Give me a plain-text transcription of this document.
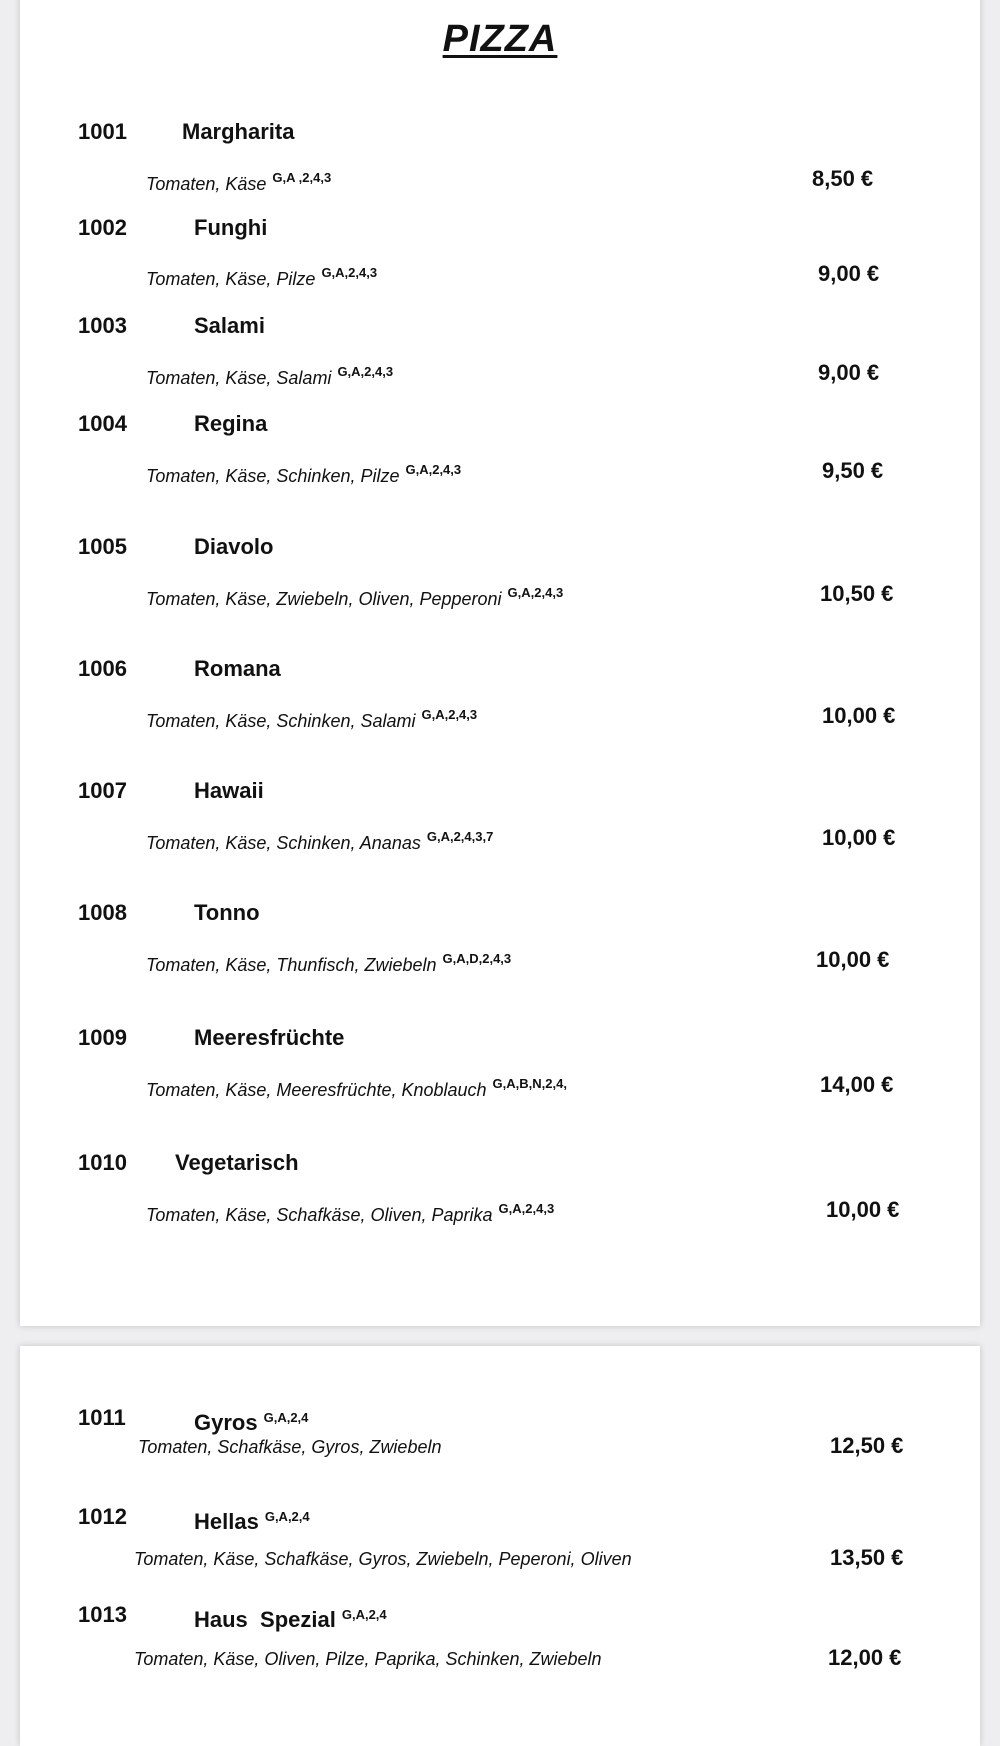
PIZZA
1001	Margharita
Tomaten, Käse $^{G,A ,2,4,3}$	8,50 €
1002	Funghi
Tomaten, Käse, Pilze $^{G,A,2,4,3}$	9,00 €
1003	Salami
Tomaten, Käse, Salami $^{G,A,2,4,3}$	9,00 €
1004	Regina
Tomaten, Käse, Schinken, Pilze $^{G,A,2,4,3}$	9,50 €
1005	Diavolo
Tomaten, Käse, Zwiebeln, Oliven, Pepperoni $^{G,A,2,4,3}$	10,50 €
1006	Romana
Tomaten, Käse, Schinken, Salami $^{G,A,2,4,3}$	10,00 €
1007	Hawaii
Tomaten, Käse, Schinken, Ananas $^{G,A,2,4,3,7}$	10,00 €
1008	Tonno
Tomaten, Käse, Thunfisch, Zwiebeln $^{G,A,D,2,4,3}$	10,00 €
1009	Meeresfrüchte
Tomaten, Käse, Meeresfrüchte, Knoblauch $^{G,A,B,N,2,4,}$	14,00 €
1010 Vegetarisch
Tomaten, Käse, Schafkäse, Oliven, Paprika $^{G,A,2,4,3}$	10,00 €
1011	Gyros $^{G,A,2,4}$
Tomaten, Schafkäse, Gyros, Zwiebeln	12,50 €
1012	Hellas $^{G,A,2,4}$
Tomaten, Käse, Schafkäse, Gyros, Zwiebeln, Peperoni, Oliven	13,50 €
1013	Haus  Spezial $^{G,A,2,4}$
Tomaten, Käse, Oliven, Pilze, Paprika, Schinken, Zwiebeln	12,00 €
